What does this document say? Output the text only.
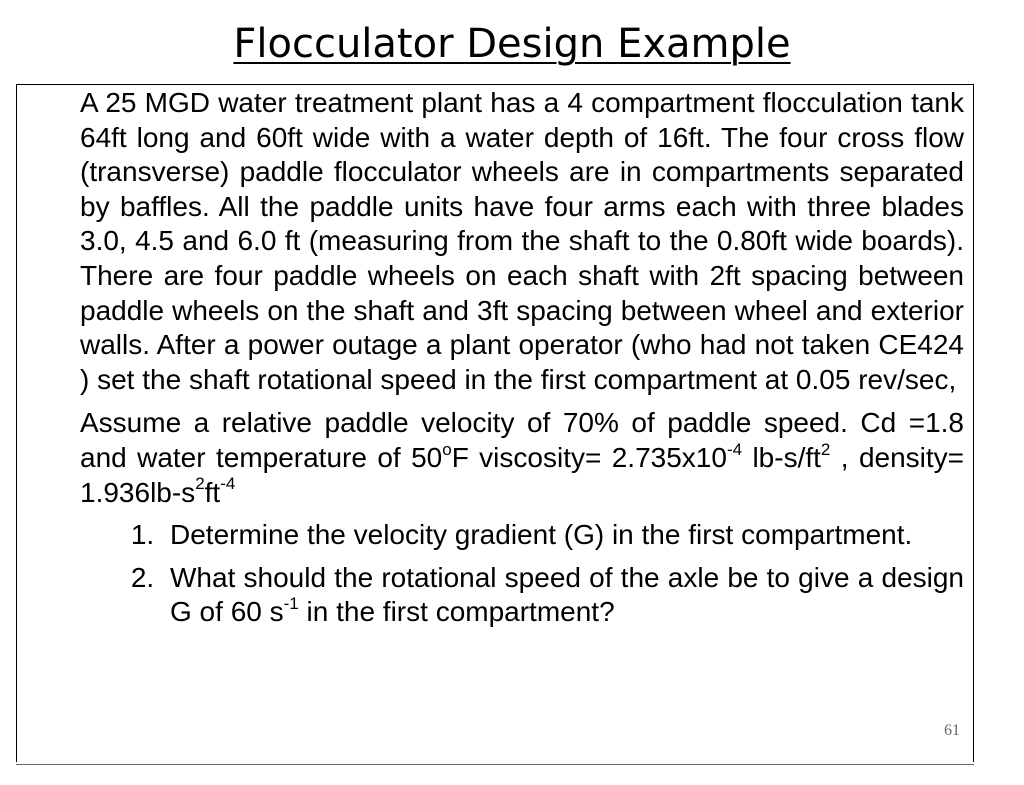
Flocculator Design Example

A 25 MGD water treatment plant has a 4 compartment flocculation tank 64ft long and 60ft wide with a water depth of 16ft. The four cross flow (transverse) paddle flocculator wheels are in compartments separated by baffles. All the paddle units have four arms each with three blades 3.0, 4.5 and 6.0 ft (measuring from the shaft to the 0.80ft wide boards). There are four paddle wheels on each shaft with 2ft spacing between paddle wheels on the shaft and 3ft spacing between wheel and exterior walls. After a power outage a plant operator (who had not taken CE424 ) set the shaft rotational speed in the first compartment at 0.05 rev/sec,

Assume a relative paddle velocity of 70% of paddle speed. Cd =1.8 and water temperature of 50$^o$F viscosity= $2.735x10^{-4}$ $lb-s/ft^2$ , density= $1.936lb-s^2ft^{-4}$

1. Determine the velocity gradient (G) in the first compartment.
2. What should the rotational speed of the axle be to give a design G of 60 $s^{-1}$ in the first compartment?
61
